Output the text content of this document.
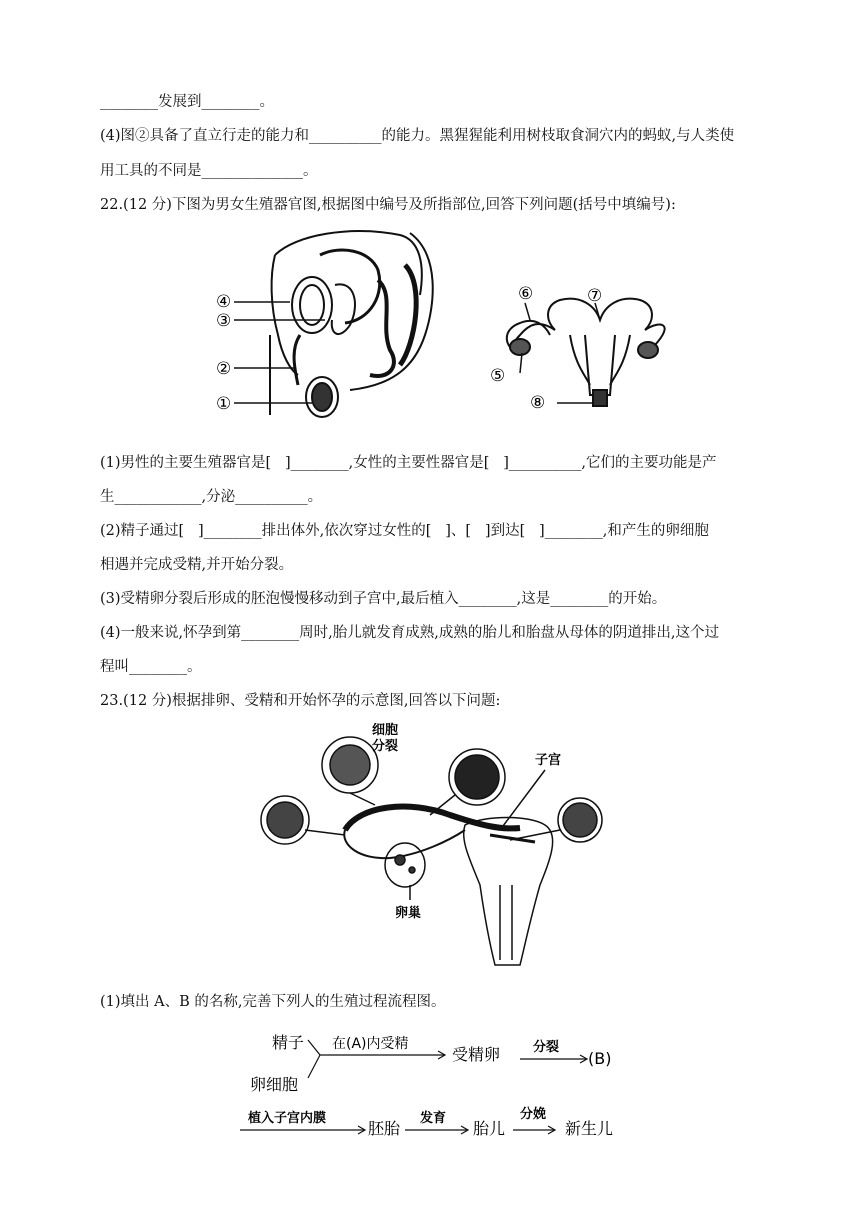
________发展到________。
(4)图②具备了直立行走的能力和__________的能力。黑猩猩能利用树枝取食洞穴内的蚂蚁,与人类使
用工具的不同是______________。
22.(12 分)下图为男女生殖器官图,根据图中编号及所指部位,回答下列问题(括号中填编号):
④
③
②
①
⑥	⑦
⑤
⑧
(1)男性的主要生殖器官是[   ]________,女性的主要性器官是[   ]__________,它们的主要功能是产
生____________,分泌__________。
(2)精子通过[   ]________排出体外,依次穿过女性的[   ]、[   ]到达[   ]________,和产生的卵细胞
相遇并完成受精,并开始分裂。
(3)受精卵分裂后形成的胚泡慢慢移动到子宫中,最后植入________,这是________的开始。
(4)一般来说,怀孕到第________周时,胎儿就发育成熟,成熟的胎儿和胎盘从母体的阴道排出,这个过
程叫________。
23.(12 分)根据排卵、受精和开始怀孕的示意图,回答以下问题:
细胞
分裂
子宫
卵巢
(1)填出 A、B 的名称,完善下列人的生殖过程流程图。
精子
卵细胞
在(A)内受精
受精卵	分裂
(B)
植入子宫内膜
胚胎
发育
胎儿
分娩
新生儿
